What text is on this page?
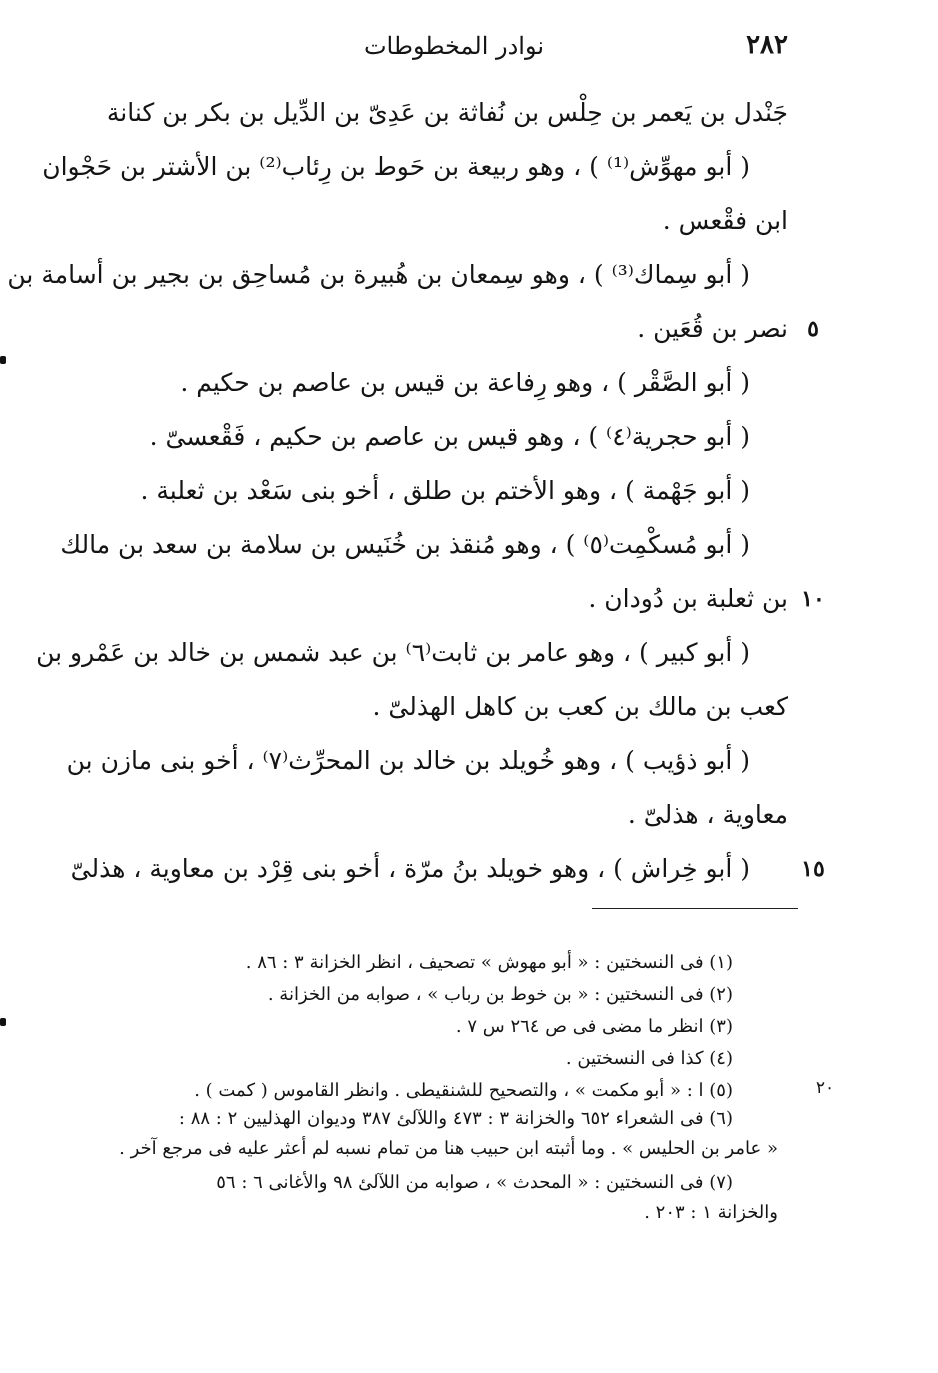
٢٨٢
نوادر المخطوطات
جَنْدل بن يَعمر بن حِلْس بن نُفاثة بن عَدِىّ بن الدِّيل بن بكر بن كنانة
( أبو مهوِّش⁽¹⁾ ) ، وهو ربيعة بن حَوط بن رِئاب⁽²⁾ بن الأشتر بن حَجْوان
ابن فقْعس .
( أبو سِماك⁽³⁾ ) ، وهو سِمعان بن هُبيرة بن مُساحِق بن بجير بن أسامة بن
نصر بن قُعَين . ٥
( أبو الصَّقْر ) ، وهو رِفاعة بن قيس بن عاصم بن حكيم .
( أبو حجرية⁽٤⁾ ) ، وهو قيس بن عاصم بن حكيم ، فَقْعسىّ .
( أبو جَهْمة ) ، وهو الأختم بن طلق ، أخو بنى سَعْد بن ثعلبة .
( أبو مُسكْمِت⁽٥⁾ ) ، وهو مُنقذ بن خُنَيس بن سلامة بن سعد بن مالك
بن ثعلبة بن دُودان . ١٠
( أبو كبير ) ، وهو عامر بن ثابت⁽٦⁾ بن عبد شمس بن خالد بن عَمْرو بن
كعب بن مالك بن كعب بن كاهل الهذلىّ .
( أبو ذؤيب ) ، وهو خُويلد بن خالد بن المحرِّث⁽٧⁾ ، أخو بنى مازن بن
معاوية ، هذلىّ .
( أبو خِراش ) ، وهو خويلد بنُ مرّة ، أخو بنى قِرْد بن معاوية ، هذلىّ	١٥
(١) فى النسختين : « أبو مهوش » تصحيف ، انظر الخزانة ٣ : ٨٦ .
(٢) فى النسختين : « بن خوط بن رباب » ، صوابه من الخزانة .
(٣) انظر ما مضى فى ص ٢٦٤ س ٧ .
(٤) كذا فى النسختين .
(٥) ا : « أبو مكمت » ، والتصحيح للشنقيطى . وانظر القاموس ( كمت ) .	٢٠
(٦) فى الشعراء ٦٥٢ والخزانة ٣ : ٤٧٣ واللآلئ ٣٨٧ وديوان الهذليين ٢ : ٨٨ :
« عامر بن الحليس » . وما أثبته ابن حبيب هنا من تمام نسبه لم أعثر عليه فى مرجع آخر .
(٧) فى النسختين : « المحدث » ، صوابه من اللآلئ ٩٨ والأغانى ٦ : ٥٦
والخزانة ١ : ٢٠٣ .
